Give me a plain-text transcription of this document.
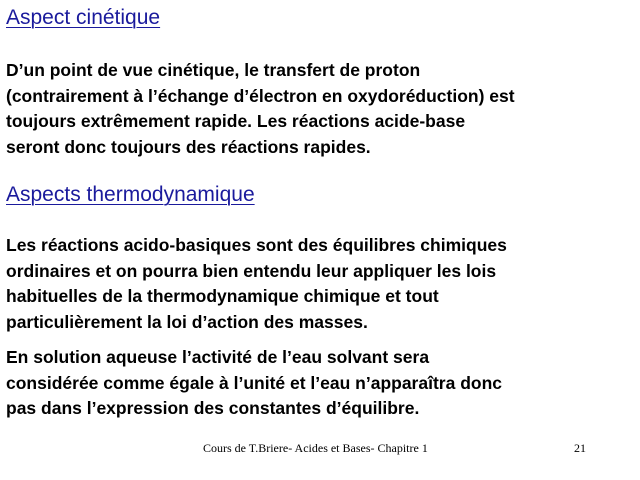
Aspect cinétique

D’un point de vue cinétique, le transfert de proton
(contrairement à l’échange d’électron en oxydoréduction) est
toujours extrêmement rapide. Les réactions acide-base
seront donc toujours des réactions rapides.

Aspects thermodynamique

Les réactions acido-basiques sont des équilibres chimiques
ordinaires et on pourra bien entendu leur appliquer les lois
habituelles de la thermodynamique chimique et tout
particulièrement la loi d’action des masses.

En solution aqueuse l’activité de l’eau solvant sera
considérée comme égale à l’unité et l’eau n’apparaîtra donc
pas dans l’expression des constantes d’équilibre.

Cours de T.Briere- Acides et Bases- Chapitre 1	21
